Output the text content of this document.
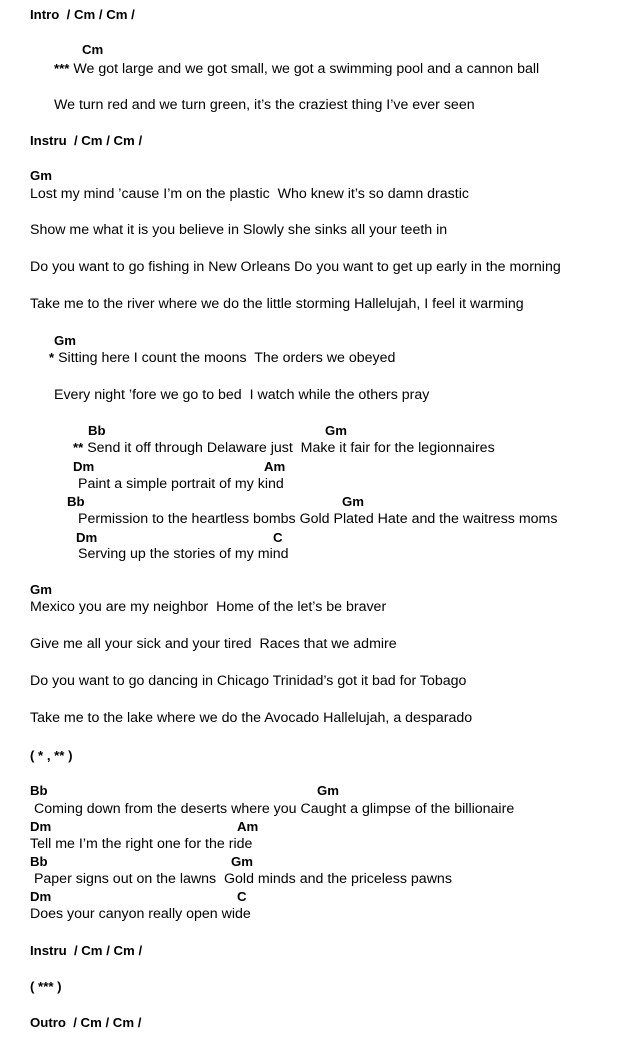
Intro  / Cm / Cm /
Cm
*** We got large and we got small, we got a swimming pool and a cannon ball
We turn red and we turn green, it’s the craziest thing I’ve ever seen
Instru  / Cm / Cm /
Gm
Lost my mind ’cause I’m on the plastic  Who knew it’s so damn drastic
Show me what it is you believe in Slowly she sinks all your teeth in
Do you want to go fishing in New Orleans Do you want to get up early in the morning
Take me to the river where we do the little storming Hallelujah, I feel it warming
Gm
* Sitting here I count the moons  The orders we obeyed
Every night ’fore we go to bed  I watch while the others pray
Bb	Gm
** Send it off through Delaware just  Make it fair for the legionnaires
Dm	Am
Paint a simple portrait of my kind
Bb	Gm
Permission to the heartless bombs Gold Plated Hate and the waitress moms
Dm	C
Serving up the stories of my mind
Gm
Mexico you are my neighbor  Home of the let’s be braver
Give me all your sick and your tired  Races that we admire
Do you want to go dancing in Chicago Trinidad’s got it bad for Tobago
Take me to the lake where we do the Avocado Hallelujah, a desparado
( * , ** )
Bb	Gm
Coming down from the deserts where you Caught a glimpse of the billionaire
Dm	Am
Tell me I’m the right one for the ride
Bb	Gm
Paper signs out on the lawns  Gold minds and the priceless pawns
Dm	C
Does your canyon really open wide
Instru  / Cm / Cm /
( *** )
Outro  / Cm / Cm /
